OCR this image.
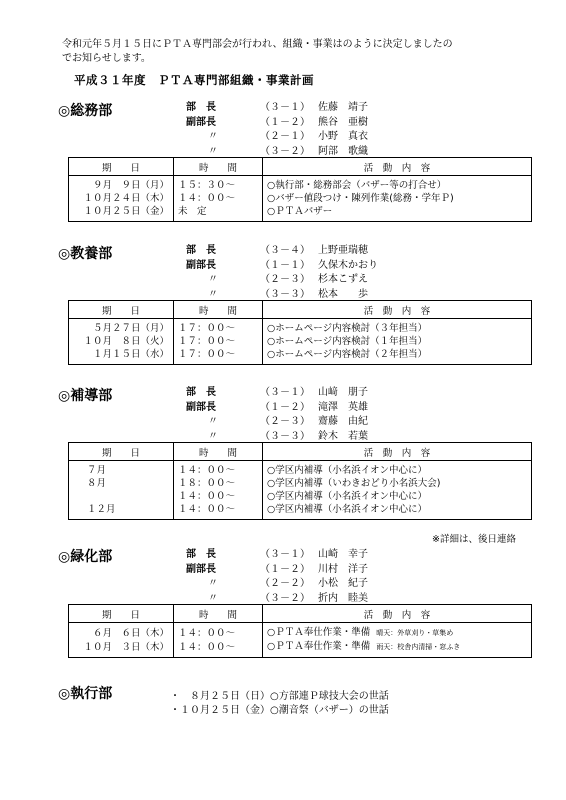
令和元年５月１５日にＰＴＡ専門部会が行われ、組織・事業はのように決定しましたの
でお知らせします。
平成３１年度　ＰＴＡ専門部組織・事業計画
◎総務部	部　長	（３－１） 佐藤　靖子
副部長	（１－２） 熊谷　亜樹
〃	（２－１） 小野　真衣
〃	（３－２） 阿部　歌織
期　　日	時　　間	活　動　内　容
９月　９日（月）	１５：３０～	○執行部・総務部会（バザー等の打合せ）
１０月２４日（木）	１４：００～	○バザー値段つけ・陳列作業(総務・学年Ｐ)
１０月２５日（金）	未　定	○ＰＴＡバザー
◎教養部	部　長	（３－４） 上野亜瑞穂
副部長	（１－１） 久保木かおり
〃	（２－３） 杉本こずえ
〃	（３－３） 松本　　歩
期　　日	時　　間	活　動　内　容
５月２７日（月）	１７：００～	○ホームページ内容検討（３年担当）
１０月　８日（火）	１７：００～	○ホームページ内容検討（１年担当）
１月１５日（水）	１７：００～	○ホームページ内容検討（２年担当）
◎補導部	部　長	（３－１） 山﨑　朋子
副部長	（１－２） 滝澤　英雄
〃	（２－３） 齋藤　由紀
〃	（３－３） 鈴木　若葉
期　　日	時　　間	活　動　内　容
７月	１４：００～	○学区内補導（小名浜イオン中心に）
８月	１８：００～	○学区内補導（いわきおどり小名浜大会)
	１４：００～	○学区内補導（小名浜イオン中心に）
１２月	１４：００～	○学区内補導（小名浜イオン中心に）
※詳細は、後日連絡
◎緑化部	部　長	（３－１） 山崎　幸子
副部長	（１－２） 川村　洋子
〃	（２－２） 小松　紀子
〃	（３－２） 折内　睦美
期　　日	時　　間	活　動　内　容
６月　６日（木）	１４：００～	○ＰＴＡ奉仕作業・準備 晴天：外草刈り・草集め
１０月　３日（木）	１４：００～	○ＰＴＡ奉仕作業・準備 雨天：校舎内清掃・窓ふき
◎執行部	・　８月２５日（日）○方部連Ｐ球技大会の世話
・１０月２５日（金）○潮音祭（バザー）の世話
